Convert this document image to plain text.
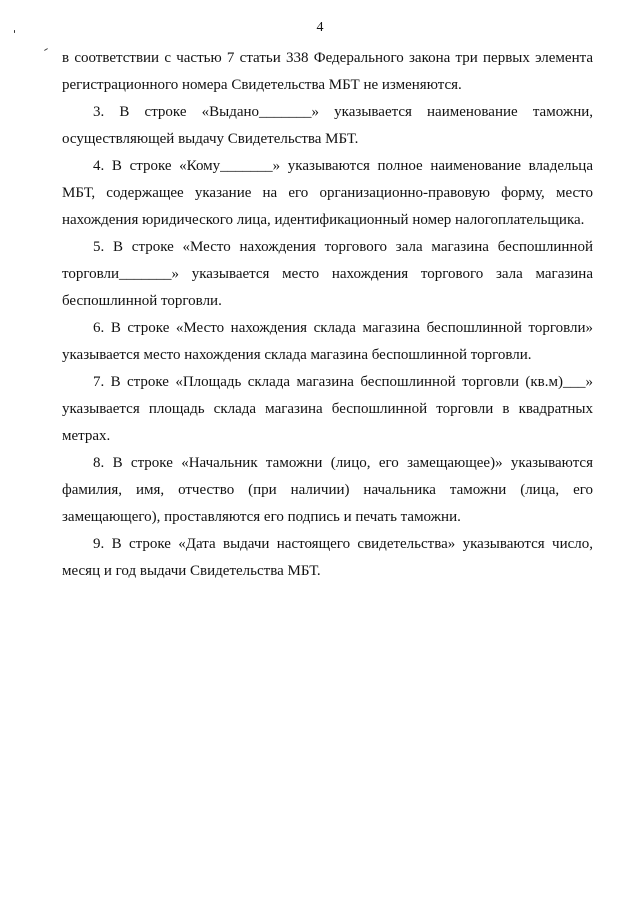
4

в соответствии с частью 7 статьи 338 Федерального закона три первых элемента регистрационного номера Свидетельства МБТ не изменяются.

3. В строке «Выдано_______» указывается наименование таможни, осуществляющей выдачу Свидетельства МБТ.

4. В строке «Кому_______» указываются полное наименование владельца МБТ, содержащее указание на его организационно-правовую форму, место нахождения юридического лица, идентификационный номер налогоплательщика.

5. В строке «Место нахождения торгового зала магазина беспошлинной торговли_______» указывается место нахождения торгового зала магазина беспошлинной торговли.

6. В строке «Место нахождения склада магазина беспошлинной торговли» указывается место нахождения склада магазина беспошлинной торговли.

7. В строке «Площадь склада магазина беспошлинной торговли (кв.м)___» указывается площадь склада магазина беспошлинной торговли в квадратных метрах.

8. В строке «Начальник таможни (лицо, его замещающее)» указываются фамилия, имя, отчество (при наличии) начальника таможни (лица, его замещающего), проставляются его подпись и печать таможни.

9. В строке «Дата выдачи настоящего свидетельства» указываются число, месяц и год выдачи Свидетельства МБТ.
